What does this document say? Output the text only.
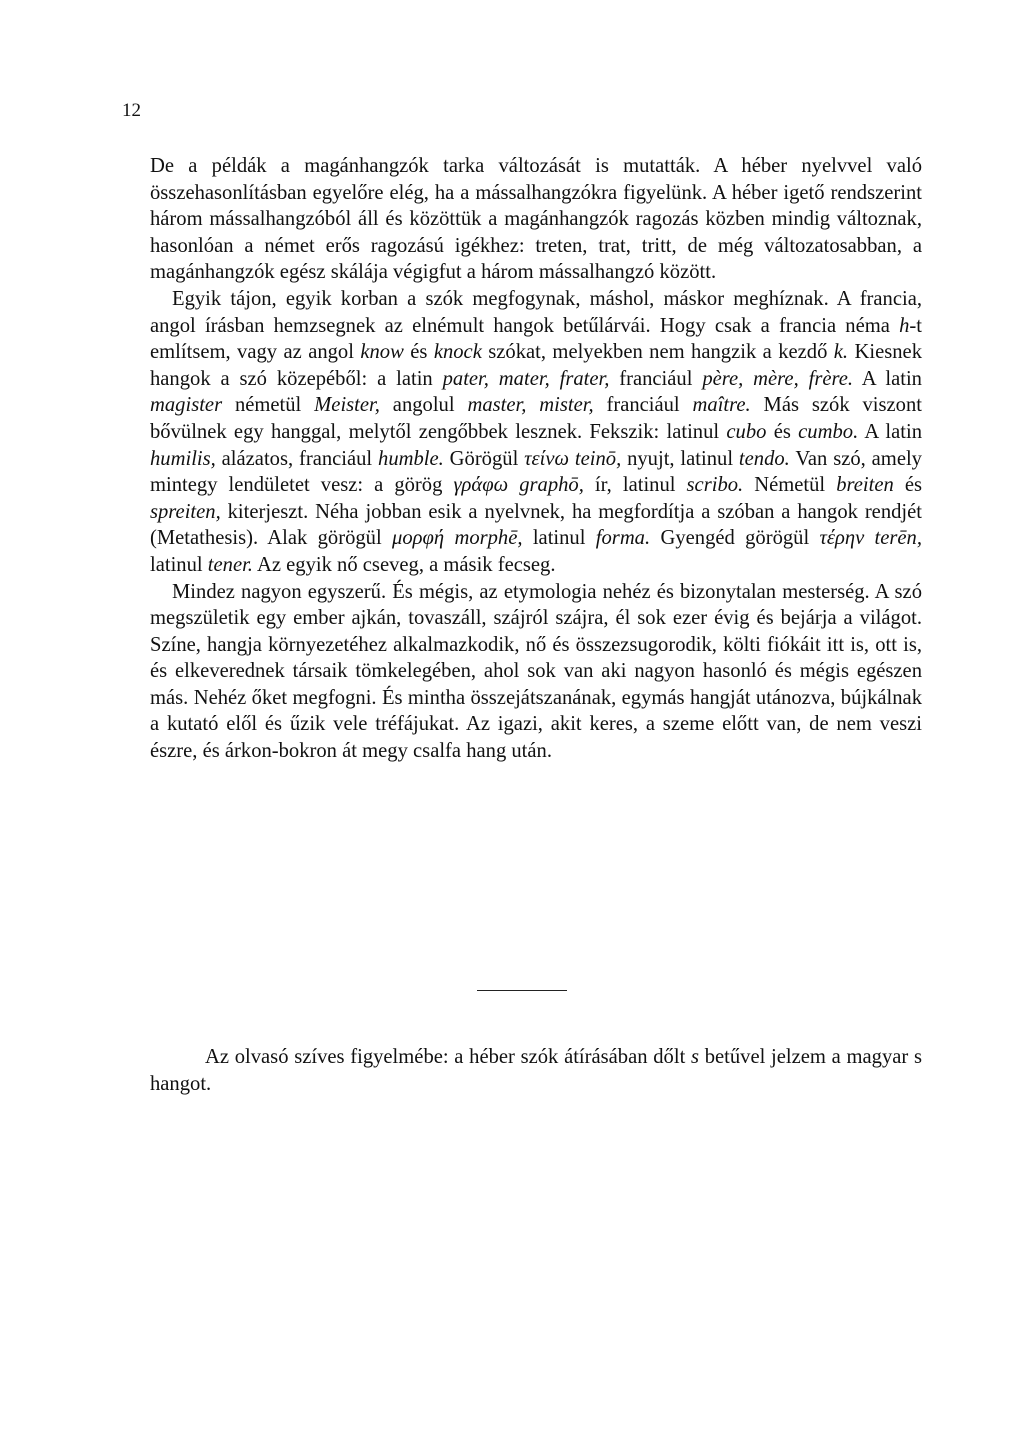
12

De a példák a magánhangzók tarka változását is mutatták. A héber nyelvvel való összehasonlításban egyelőre elég, ha a mássalhangzókra figyelünk. A héber igető rendszerint három mássalhangzóból áll és közöttük a magánhangzók ragozás közben mindig változnak, hasonlóan a német erős ragozású igékhez: treten, trat, tritt, de még változatosabban, a magánhangzók egész skálája végigfut a három mássalhangzó között.

Egyik tájon, egyik korban a szók megfogynak, máshol, máskor meghíznak. A francia, angol írásban hemzsegnek az elnémult hangok betűlárvái. Hogy csak a francia néma h-t említsem, vagy az angol know és knock szókat, melyekben nem hangzik a kezdő k. Kiesnek hangok a szó közepéből: a latin pater, mater, frater, franciául père, mère, frère. A latin magister németül Meister, angolul master, mister, franciául maître. Más szók viszont bővülnek egy hanggal, melytől zengőbbek lesznek. Fekszik: latinul cubo és cumbo. A latin humilis, alázatos, franciául humble. Görögül τείνω teinō, nyujt, latinul tendo. Van szó, amely mintegy lendületet vesz: a görög γράφω graphō, ír, latinul scribo. Németül breiten és spreiten, kiterjeszt. Néha jobban esik a nyelvnek, ha megfordítja a szóban a hangok rendjét (Metathesis). Alak görögül μορφή morphē, latinul forma. Gyengéd görögül τέρην terēn, latinul tener. Az egyik nő cseveg, a másik fecseg.

Mindez nagyon egyszerű. És mégis, az etymologia nehéz és bizonytalan mesterség. A szó megszületik egy ember ajkán, tovaszáll, szájról szájra, él sok ezer évig és bejárja a világot. Színe, hangja környezetéhez alkalmazkodik, nő és összezsugorodik, költi fiókáit itt is, ott is, és elkeverednek társaik tömkelegében, ahol sok van aki nagyon hasonló és mégis egészen más. Nehéz őket megfogni. És mintha összejátszanának, egymás hangját utánozva, bújkálnak a kutató elől és űzik vele tréfájukat. Az igazi, akit keres, a szeme előtt van, de nem veszi észre, és árkon-bokron át megy csalfa hang után.

Az olvasó szíves figyelmébe: a héber szók átírásában dőlt s betűvel jelzem a magyar s hangot.
